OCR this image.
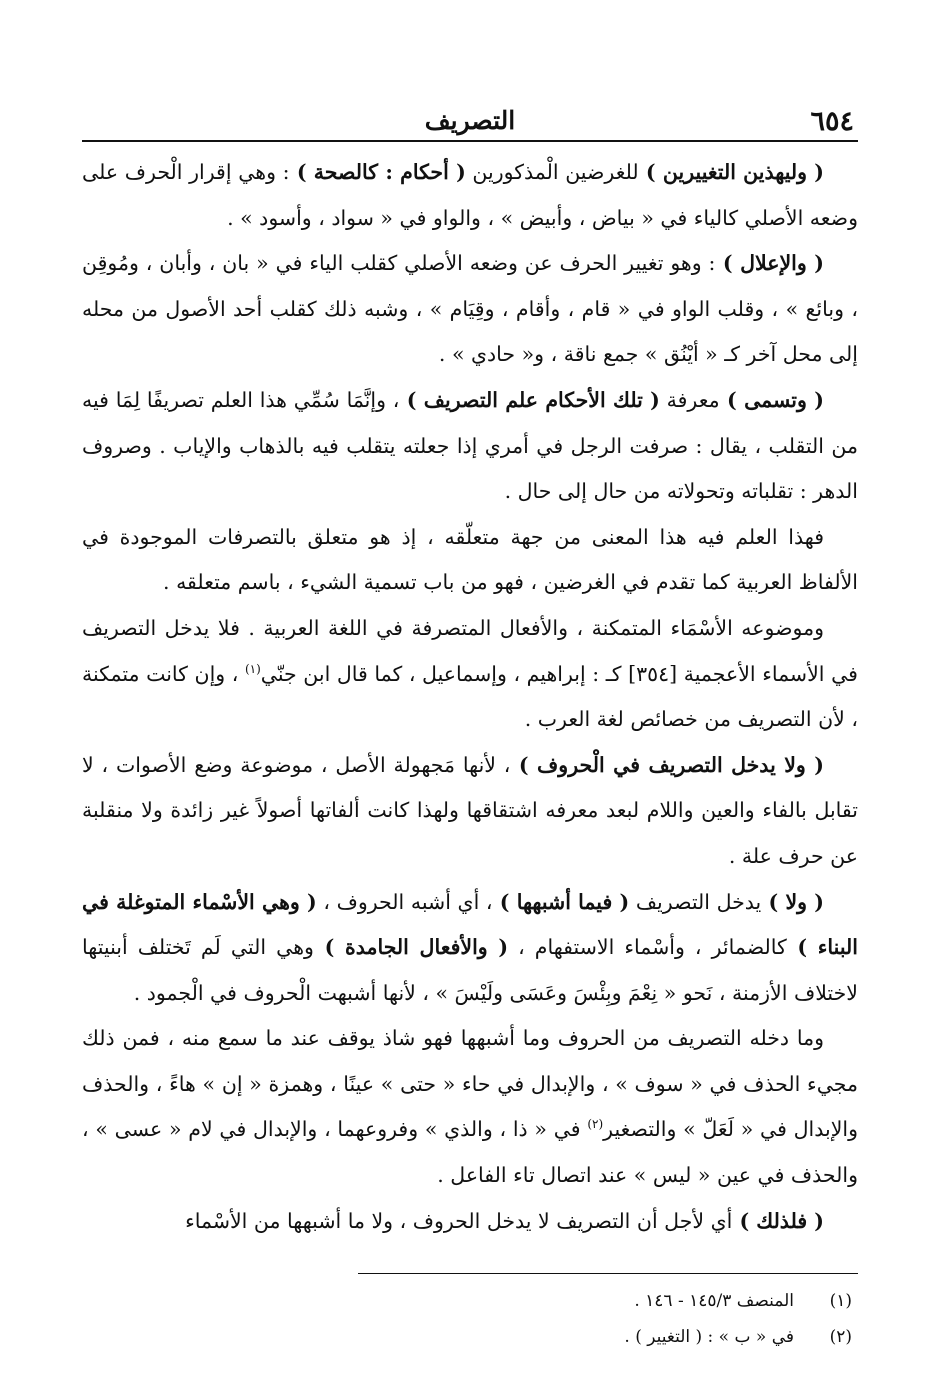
٦٥٤
التصريف

( وليهذين التغييرين ) للغرضين الْمذكورين ( أحكام : كالصحة ) : وهي إقرار الْحرف على وضعه الأصلي كالياء في « بياض ، وأبيض » ، والواو في « سواد ، وأسود » .

( والإعلال ) : وهو تغيير الحرف عن وضعه الأصلي كقلب الياء في « بان ، وأبان ، ومُوقِن ، وبائع » ، وقلب الواو في « قام ، وأقام ، وقِيَام » ، وشبه ذلك كقلب أحد الأصول من محله إلى محل آخر كـ « أيْنُق » جمع ناقة ، و« حادي » .

( وتسمى ) معرفة ( تلك الأحكام علم التصريف ) ، وإنَّمَا سُمِّي هذا العلم تصريفًا لِمَا فيه من التقلب ، يقال : صرفت الرجل في أمري إذا جعلته يتقلب فيه بالذهاب والإياب . وصروف الدهر : تقلباته وتحولاته من حال إلى حال .

فهذا العلم فيه هذا المعنى من جهة متعلّقه ، إذ هو متعلق بالتصرفات الموجودة في الألفاظ العربية كما تقدم في الغرضين ، فهو من باب تسمية الشيء ، باسم متعلقه .

وموضوعه الأسْمَاء المتمكنة ، والأفعال المتصرفة في اللغة العربية . فلا يدخل التصريف في الأسماء الأعجمية [٣٥٤] كـ : إبراهيم ، وإسماعيل ، كما قال ابن جنّي$^{(١)}$ ، وإن كانت متمكنة ، لأن التصريف من خصائص لغة العرب .

( ولا يدخل التصريف في الْحروف ) ، لأنها مَجهولة الأصل ، موضوعة وضع الأصوات ، لا تقابل بالفاء والعين واللام لبعد معرفه اشتقاقها ولهذا كانت ألفاتها أصولاً غير زائدة ولا منقلبة عن حرف علة .

( ولا ) يدخل التصريف ( فيما أشبهها ) ، أي أشبه الحروف ، ( وهي الأسْماء المتوغلة في البناء ) كالضمائر ، وأسْماء الاستفهام ، ( والأفعال الجامدة ) وهي التي لَم تَختلف أبنيتها لاختلاف الأزمنة ، نَحو « نِعْمَ وبِئْسَ وعَسَى ولَيْسَ » ، لأنها أشبهت الْحروف في الْجمود .

وما دخله التصريف من الحروف وما أشبهها فهو شاذ يوقف عند ما سمع منه ، فمن ذلك مجيء الحذف في « سوف » ، والإبدال في حاء « حتى » عينًا ، وهمزة « إن » هاءً ، والحذف والإبدال في « لَعَلّ » والتصغير$^{(٢)}$ في « ذا ، والذي » وفروعهما ، والإبدال في لام « عسى » ، والحذف في عين « ليس » عند اتصال تاء الفاعل .

( فلذلك ) أي لأجل أن التصريف لا يدخل الحروف ، ولا ما أشبهها من الأسْماء

(١)
المنصف ١٤٥/٣ - ١٤٦ .
(٢)
في « ب » : ( التغيير ) .
